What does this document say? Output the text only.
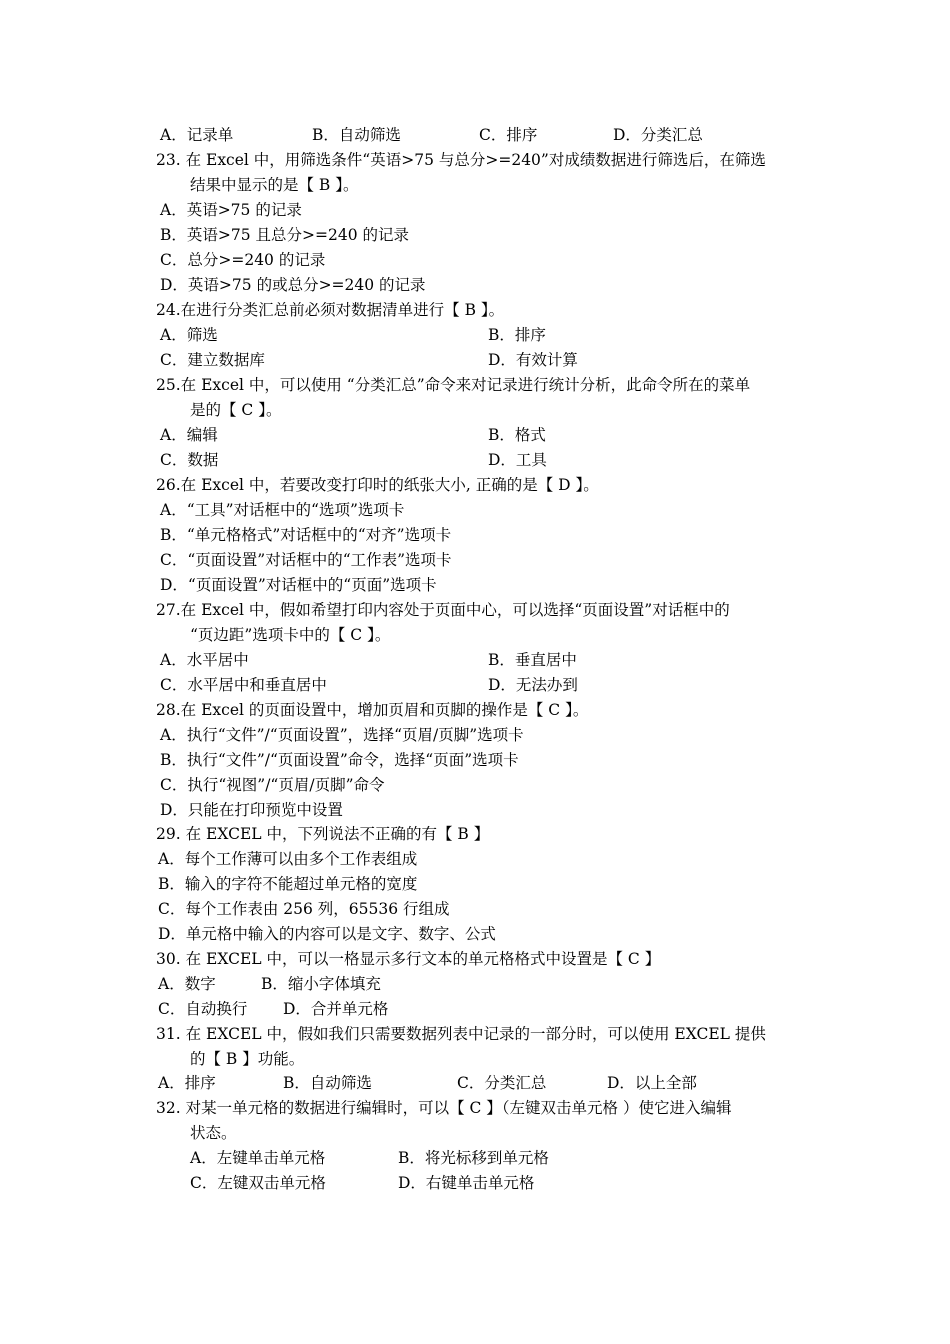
A．记录单	B．自动筛选	C．排序	D．分类汇总
23. 在 Excel 中，用筛选条件“英语>75 与总分>=240”对成绩数据进行筛选后，在筛选
结果中显示的是【 B 】。
A．英语>75 的记录
B．英语>75 且总分>=240 的记录
C．总分>=240 的记录
D．英语>75 的或总分>=240 的记录
24.在进行分类汇总前必须对数据清单进行【 B 】。
A．筛选	B．排序
C．建立数据库	D．有效计算
25.在 Excel 中，可以使用 “分类汇总”命令来对记录进行统计分析，此命令所在的菜单
是的【 C 】。
A．编辑	B．格式
C．数据	D．工具
26.在 Excel 中，若要改变打印时的纸张大小, 正确的是【 D 】。
A．“工具”对话框中的“选项”选项卡
B．“单元格格式”对话框中的“对齐”选项卡
C．“页面设置”对话框中的“工作表”选项卡
D．“页面设置”对话框中的“页面”选项卡
27.在 Excel 中，假如希望打印内容处于页面中心，可以选择“页面设置”对话框中的
“页边距”选项卡中的【 C 】。
A．水平居中	B．垂直居中
C．水平居中和垂直居中	D．无法办到
28.在 Excel 的页面设置中，增加页眉和页脚的操作是【 C 】。
A．执行“文件”/“页面设置”，选择“页眉/页脚”选项卡
B．执行“文件”/“页面设置”命令，选择“页面”选项卡
C．执行“视图”/“页眉/页脚”命令
D．只能在打印预览中设置
29. 在 EXCEL 中，下列说法不正确的有【 B 】
A．每个工作薄可以由多个工作表组成
B．输入的字符不能超过单元格的宽度
C．每个工作表由 256 列，65536 行组成
D．单元格中输入的内容可以是文字、数字、公式
30. 在 EXCEL 中，可以一格显示多行文本的单元格格式中设置是【 C 】
A．数字	B．缩小字体填充
C．自动换行 D．合并单元格
31. 在 EXCEL 中，假如我们只需要数据列表中记录的一部分时，可以使用 EXCEL 提供
的【 B 】功能。
A．排序	B．自动筛选	C．分类汇总	D．以上全部
32. 对某一单元格的数据进行编辑时，可以【 C 】（左键双击单元格 ）使它进入编辑
状态。
A．左键单击单元格	B．将光标移到单元格
C．左键双击单元格	D．右键单击单元格
